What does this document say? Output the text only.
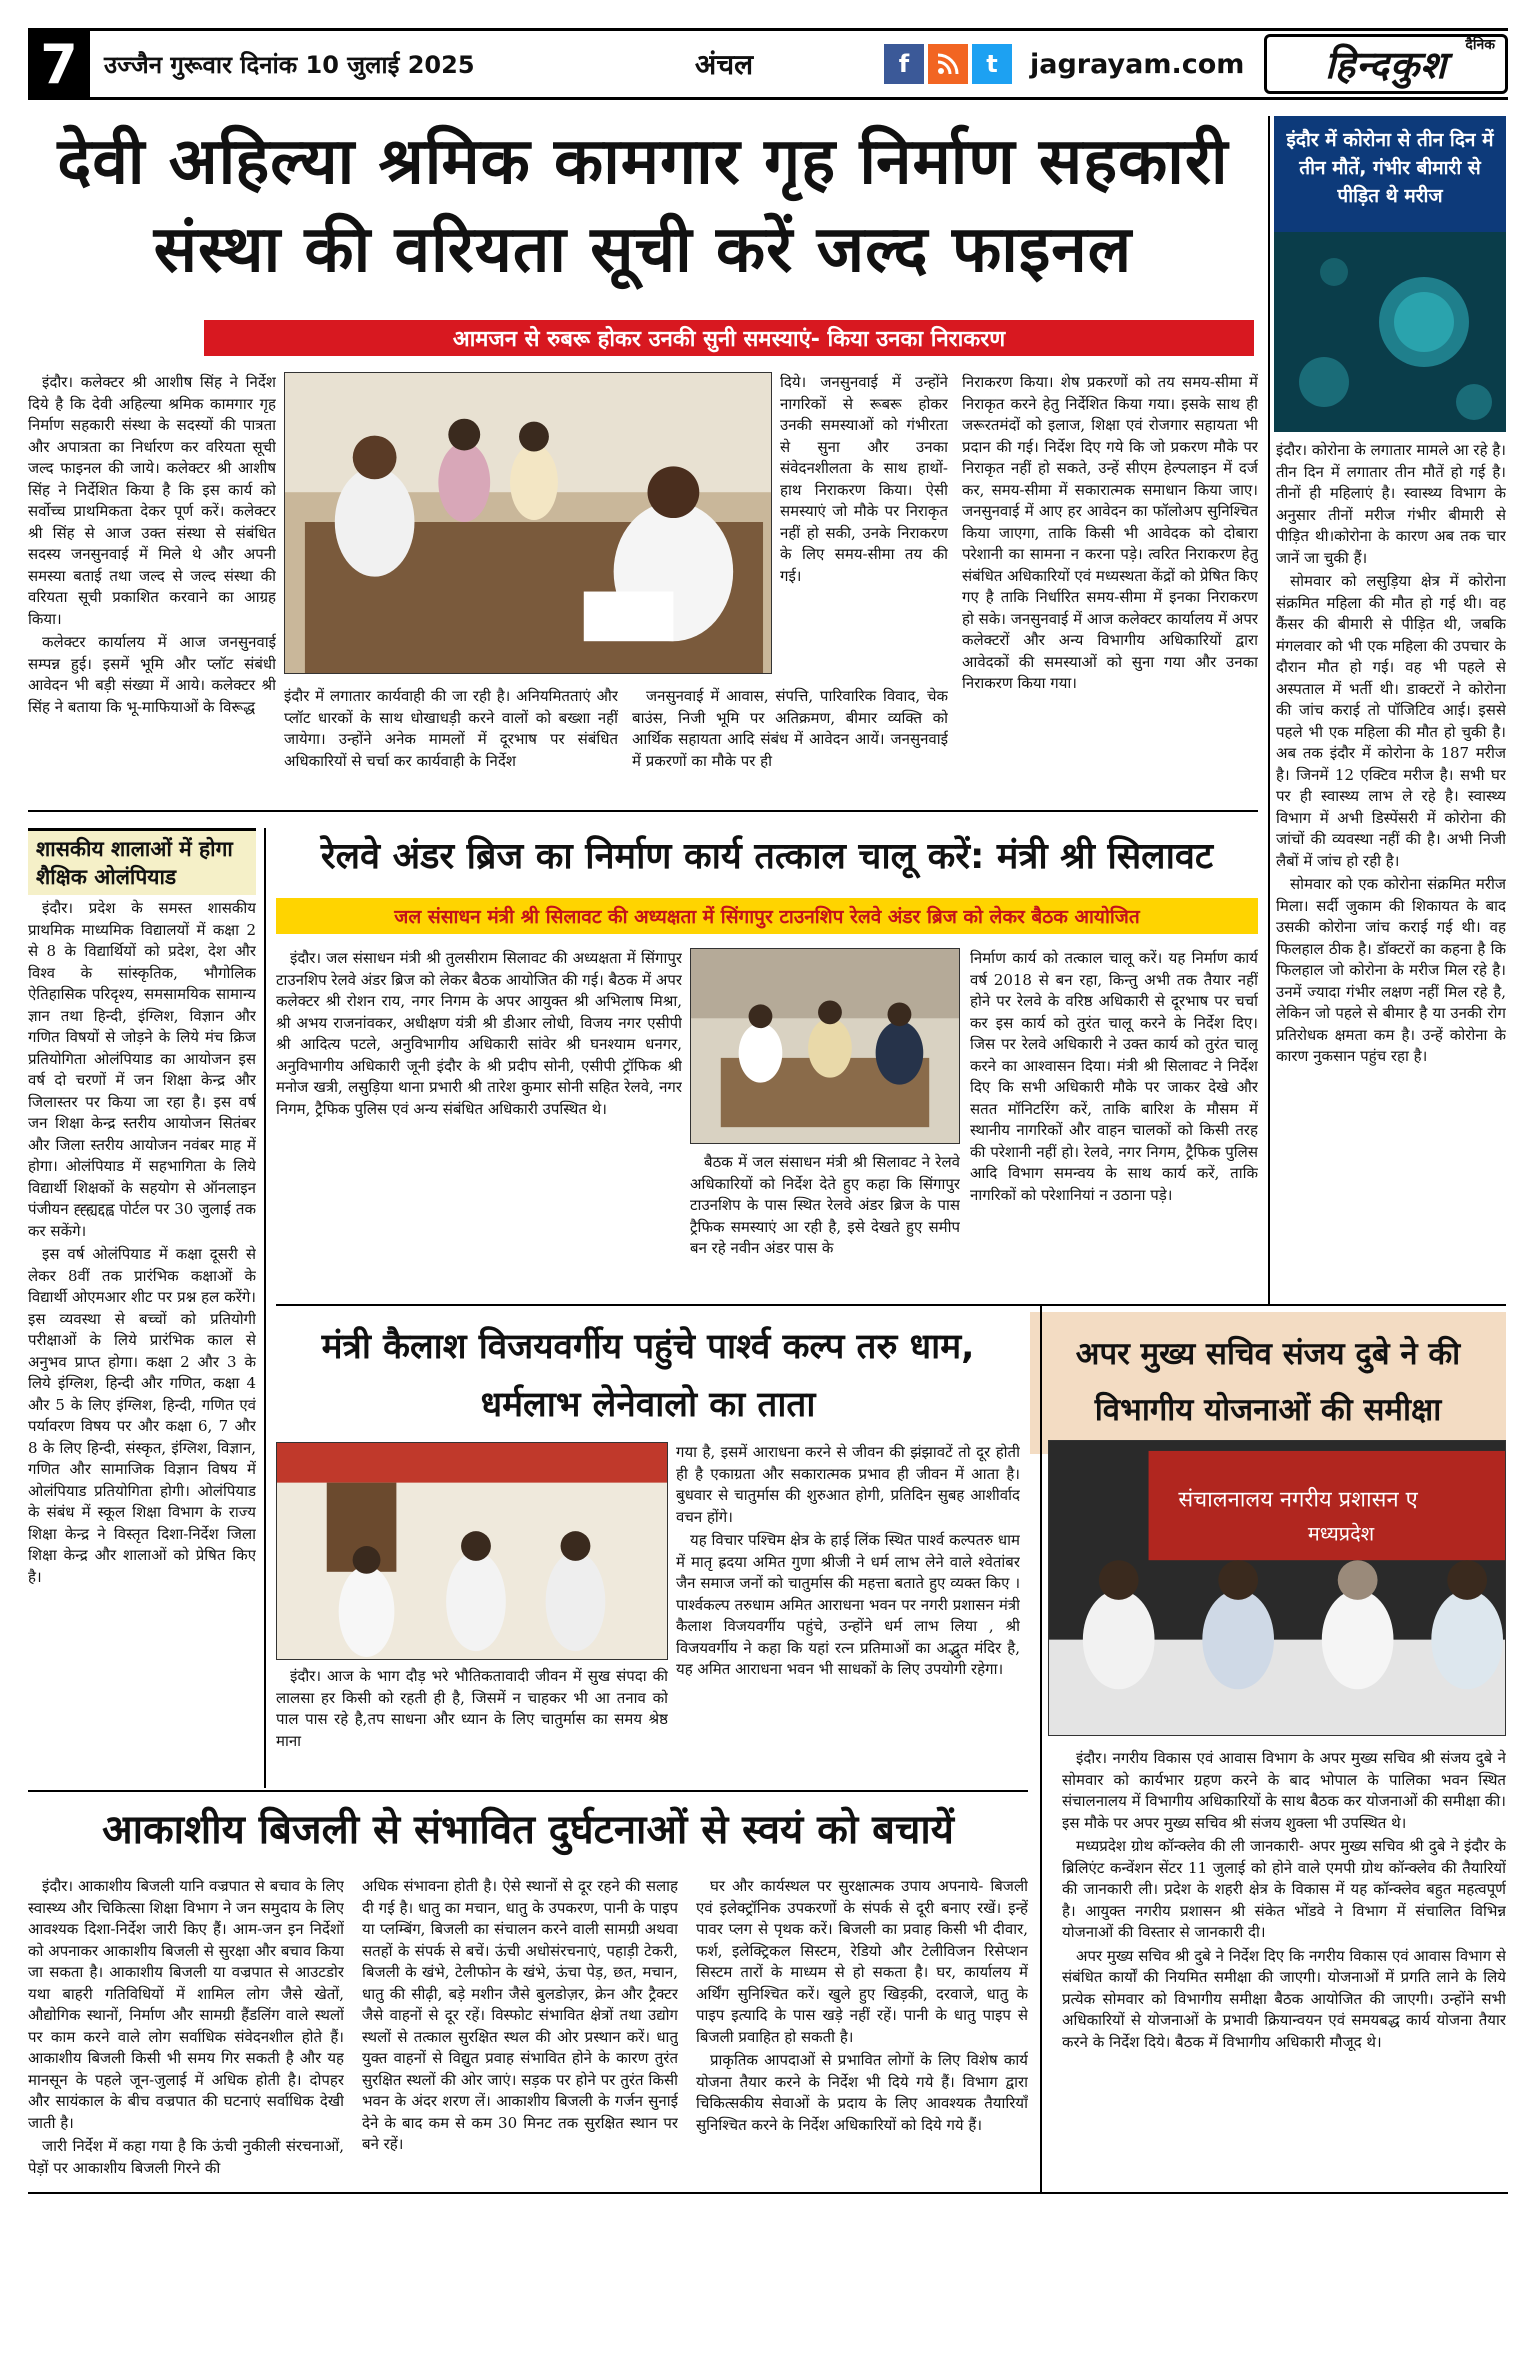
7	उज्जैन गुरूवार दिनांक 10 जुलाई 2025	अंचल	f	t	jagrayam.com
दैनिक
हिन्दकुश
देवी अहिल्या श्रमिक कामगार गृह निर्माण सहकारी संस्था की वरियता सूची करें जल्द फाइनल
आमजन से रुबरू होकर उनकी सुनी समस्याएं- किया उनका निराकरण

इंदौर। कलेक्टर श्री आशीष सिंह ने निर्देश दिये है कि देवी अहिल्या श्रमिक कामगार गृह निर्माण सहकारी संस्था के सदस्यों की पात्रता और अपात्रता का निर्धारण कर वरियता सूची जल्द फाइनल की जाये। कलेक्टर श्री आशीष सिंह ने निर्देशित किया है कि इस कार्य को सर्वोच्च प्राथमिकता देकर पूर्ण करें। कलेक्टर श्री सिंह से आज उक्त संस्था से संबंधित सदस्य जनसुनवाई में मिले थे और अपनी समस्या बताई तथा जल्द से जल्द संस्था की वरियता सूची प्रकाशित करवाने का आग्रह किया।

कलेक्टर कार्यालय में आज जनसुनवाई सम्पन्न हुई। इसमें भूमि और प्लॉट संबंधी आवेदन भी बड़ी संख्या में आये। कलेक्टर श्री सिंह ने बताया कि भू-माफियाओं के विरूद्ध

इंदौर में लगातार कार्यवाही की जा रही है। अनियमितताएं और प्लॉट धारकों के साथ धोखाधड़ी करने वालों को बख्शा नहीं जायेगा। उन्होंने अनेक मामलों में दूरभाष पर संबंधित अधिकारियों से चर्चा कर कार्यवाही के निर्देश

दिये। जनसुनवाई में उन्होंने नागरिकों से रूबरू होकर उनकी समस्याओं को गंभीरता से सुना और उनका संवेदनशीलता के साथ हाथों-हाथ निराकरण किया। ऐसी समस्याएं जो मौके पर निराकृत नहीं हो सकी, उनके निराकरण के लिए समय-सीमा तय की गई।

जनसुनवाई में आवास, संपत्ति, पारिवारिक विवाद, चेक बाउंस, निजी भूमि पर अतिक्रमण, बीमार व्यक्ति को आर्थिक सहायता आदि संबंध में आवेदन आयें। जनसुनवाई में प्रकरणों का मौके पर ही

निराकरण किया। शेष प्रकरणों को तय समय-सीमा में निराकृत करने हेतु निर्देशित किया गया। इसके साथ ही जरूरतमंदों को इलाज, शिक्षा एवं रोजगार सहायता भी प्रदान की गई। निर्देश दिए गये कि जो प्रकरण मौके पर निराकृत नहीं हो सकते, उन्हें सीएम हेल्पलाइन में दर्ज कर, समय-सीमा में सकारात्मक समाधान किया जाए। जनसुनवाई में आए हर आवेदन का फॉलोअप सुनिश्चित किया जाएगा, ताकि किसी भी आवेदक को दोबारा परेशानी का सामना न करना पड़े। त्वरित निराकरण हेतु संबंधित अधिकारियों एवं मध्यस्थता केंद्रों को प्रेषित किए गए है ताकि निर्धारित समय-सीमा में इनका निराकरण हो सके। जनसुनवाई में आज कलेक्टर कार्यालय में अपर कलेक्टरों और अन्य विभागीय अधिकारियों द्वारा आवेदकों की समस्याओं को सुना गया और उनका निराकरण किया गया।

इंदौर में कोरोना से तीन दिन में तीन मौतें, गंभीर बीमारी से पीड़ित थे मरीज

इंदौर। कोरोना के लगातार मामले आ रहे है। तीन दिन में लगातार तीन मौतें हो गई है। तीनों ही महिलाएं है। स्वास्थ्य विभाग के अनुसार तीनों मरीज गंभीर बीमारी से पीड़ित थी।कोरोना के कारण अब तक चार जानें जा चुकी हैं।

सोमवार को लसुड़िया क्षेत्र में कोरोना संक्रमित महिला की मौत हो गई थी। वह कैंसर की बीमारी से पीड़ित थी, जबकि मंगलवार को भी एक महिला की उपचार के दौरान मौत हो गई। वह भी पहले से अस्पताल में भर्ती थी। डाक्टरों ने कोरोना की जांच कराई तो पॉजिटिव आई। इससे पहले भी एक महिला की मौत हो चुकी है। अब तक इंदौर में कोरोना के 187 मरीज है। जिनमें 12 एक्टिव मरीज है। सभी घर पर ही स्वास्थ्य लाभ ले रहे है। स्वास्थ्य विभाग में अभी डिस्पेंसरी में कोरोना की जांचों की व्यवस्था नहीं की है। अभी निजी लैबों में जांच हो रही है।

सोमवार को एक कोरोना संक्रमित मरीज मिला। सर्दी जुकाम की शिकायत के बाद उसकी कोरोना जांच कराई गई थी। वह फिलहाल ठीक है। डॉक्टरों का कहना है कि फिलहाल जो कोरोना के मरीज मिल रहे है। उनमें ज्यादा गंभीर लक्षण नहीं मिल रहे है, लेकिन जो पहले से बीमार है या उनकी रोग प्रतिरोधक क्षमता कम है। उन्हें कोरोना के कारण नुकसान पहुंच रहा है।

शासकीय शालाओं में होगा शैक्षिक ओलंपियाड

इंदौर। प्रदेश के समस्त शासकीय प्राथमिक माध्यमिक विद्यालयों में कक्षा 2 से 8 के विद्यार्थियों को प्रदेश, देश और विश्व के सांस्कृतिक, भौगोलिक ऐतिहासिक परिदृश्य, समसामयिक सामान्य ज्ञान तथा हिन्दी, इंग्लिश, विज्ञान और गणित विषयों से जोड़ने के लिये मंच क्रिज प्रतियोगिता ओलंपियाड का आयोजन इस वर्ष दो चरणों में जन शिक्षा केन्द्र और जिलास्तर पर किया जा रहा है। इस वर्ष जन शिक्षा केन्द्र स्तरीय आयोजन सितंबर और जिला स्तरीय आयोजन नवंबर माह में होगा। ओलंपियाड में सहभागिता के लिये विद्यार्थी शिक्षकों के सहयोग से ऑनलाइन पंजीयन ह्ह्ह्यद्दह्व पोर्टल पर 30 जुलाई तक कर सकेंगे।

इस वर्ष ओलंपियाड में कक्षा दूसरी से लेकर 8वीं तक प्रारंभिक कक्षाओं के विद्यार्थी ओएमआर शीट पर प्रश्न हल करेंगे। इस व्यवस्था से बच्चों को प्रतियोगी परीक्षाओं के लिये प्रारंभिक काल से अनुभव प्राप्त होगा। कक्षा 2 और 3 के लिये इंग्लिश, हिन्दी और गणित, कक्षा 4 और 5 के लिए इंग्लिश, हिन्दी, गणित एवं पर्यावरण विषय पर और कक्षा 6, 7 और 8 के लिए हिन्दी, संस्कृत, इंग्लिश, विज्ञान, गणित और सामाजिक विज्ञान विषय में ओलंपियाड प्रतियोगिता होगी। ओलंपियाड के संबंध में स्कूल शिक्षा विभाग के राज्य शिक्षा केन्द्र ने विस्तृत दिशा-निर्देश जिला शिक्षा केन्द्र और शालाओं को प्रेषित किए है।

रेलवे अंडर ब्रिज का निर्माण कार्य तत्काल चालू करें: मंत्री श्री सिलावट
जल संसाधन मंत्री श्री सिलावट की अध्यक्षता में सिंगापुर टाउनशिप रेलवे अंडर ब्रिज को लेकर बैठक आयोजित

इंदौर। जल संसाधन मंत्री श्री तुलसीराम सिलावट की अध्यक्षता में सिंगापुर टाउनशिप रेलवे अंडर ब्रिज को लेकर बैठक आयोजित की गई। बैठक में अपर कलेक्टर श्री रोशन राय, नगर निगम के अपर आयुक्त श्री अभिलाष मिश्रा, श्री अभय राजनांवकर, अधीक्षण यंत्री श्री डीआर लोधी, विजय नगर एसीपी श्री आदित्य पटले, अनुविभागीय अधिकारी सांवेर श्री घनश्याम धनगर, अनुविभागीय अधिकारी जूनी इंदौर के श्री प्रदीप सोनी, एसीपी ट्रॉफिक श्री मनोज खत्री, लसुड़िया थाना प्रभारी श्री तारेश कुमार सोनी सहित रेलवे, नगर निगम, ट्रैफिक पुलिस एवं अन्य संबंधित अधिकारी उपस्थित थे।

बैठक में जल संसाधन मंत्री श्री सिलावट ने रेलवे अधिकारियों को निर्देश देते हुए कहा कि सिंगापुर टाउनशिप के पास स्थित रेलवे अंडर ब्रिज के पास ट्रैफिक समस्याएं आ रही है, इसे देखते हुए समीप बन रहे नवीन अंडर पास के

निर्माण कार्य को तत्काल चालू करें। यह निर्माण कार्य वर्ष 2018 से बन रहा, किन्तु अभी तक तैयार नहीं होने पर रेलवे के वरिष्ठ अधिकारी से दूरभाष पर चर्चा कर इस कार्य को तुरंत चालू करने के निर्देश दिए। जिस पर रेलवे अधिकारी ने उक्त कार्य को तुरंत चालू करने का आश्वासन दिया। मंत्री श्री सिलावट ने निर्देश दिए कि सभी अधिकारी मौके पर जाकर देखे और सतत मॉनिटरिंग करें, ताकि बारिश के मौसम में स्थानीय नागरिकों और वाहन चालकों को किसी तरह की परेशानी नहीं हो। रेलवे, नगर निगम, ट्रैफिक पुलिस आदि विभाग समन्वय के साथ कार्य करें, ताकि नागरिकों को परेशानियां न उठाना पड़े।

मंत्री कैलाश विजयवर्गीय पहुंचे पार्श्व कल्प तरु धाम, धर्मलाभ लेनेवालो का ताता

इंदौर। आज के भाग दौड़ भरे भौतिकतावादी जीवन में सुख संपदा की लालसा हर किसी को रहती ही है, जिसमें न चाहकर भी आ तनाव को पाल पास रहे है,तप साधना और ध्यान के लिए चातुर्मास का समय श्रेष्ठ माना

गया है, इसमें आराधना करने से जीवन की झंझावटें तो दूर होती ही है एकाग्रता और सकारात्मक प्रभाव ही जीवन में आता है। बुधवार से चातुर्मास की शुरुआत होगी, प्रतिदिन सुबह आशीर्वाद वचन होंगे।

यह विचार पश्चिम क्षेत्र के हाई लिंक स्थित पार्श्व कल्पतरु धाम में मातृ ह्रदया अमित गुणा श्रीजी ने धर्म लाभ लेने वाले श्वेतांबर जैन समाज जनों को चातुर्मास की महत्ता बताते हुए व्यक्त किए । पार्श्वकल्प तरुधाम अमित आराधना भवन पर नगरी प्रशासन मंत्री कैलाश विजयवर्गीय पहुंचे, उन्होंने धर्म लाभ लिया , श्री विजयवर्गीय ने कहा कि यहां रत्न प्रतिमाओं का अद्भुत मंदिर है, यह अमित आराधना भवन भी साधकों के लिए उपयोगी रहेगा।

अपर मुख्य सचिव संजय दुबे ने की विभागीय योजनाओं की समीक्षा
संचालनालय नगरीय प्रशासन ए
मध्यप्रदेश

इंदौर। नगरीय विकास एवं आवास विभाग के अपर मुख्य सचिव श्री संजय दुबे ने सोमवार को कार्यभार ग्रहण करने के बाद भोपाल के पालिका भवन स्थित संचालनालय में विभागीय अधिकारियों के साथ बैठक कर योजनाओं की समीक्षा की। इस मौके पर अपर मुख्य सचिव श्री संजय शुक्ला भी उपस्थित थे।

मध्यप्रदेश ग्रोथ कॉन्क्लेव की ली जानकारी- अपर मुख्य सचिव श्री दुबे ने इंदौर के ब्रिलिएंट कन्वेंशन सेंटर 11 जुलाई को होने वाले एमपी ग्रोथ कॉन्क्लेव की तैयारियों की जानकारी ली। प्रदेश के शहरी क्षेत्र के विकास में यह कॉन्क्लेव बहुत महत्वपूर्ण है। आयुक्त नगरीय प्रशासन श्री संकेत भोंडवे ने विभाग में संचालित विभिन्न योजनाओं की विस्तार से जानकारी दी।

अपर मुख्य सचिव श्री दुबे ने निर्देश दिए कि नगरीय विकास एवं आवास विभाग से संबंधित कार्यों की नियमित समीक्षा की जाएगी। योजनाओं में प्रगति लाने के लिये प्रत्येक सोमवार को विभागीय समीक्षा बैठक आयोजित की जाएगी। उन्होंने सभी अधिकारियों से योजनाओं के प्रभावी क्रियान्वयन एवं समयबद्ध कार्य योजना तैयार करने के निर्देश दिये। बैठक में विभागीय अधिकारी मौजूद थे।

आकाशीय बिजली से संभावित दुर्घटनाओं से स्वयं को बचायें

इंदौर। आकाशीय बिजली यानि वज्रपात से बचाव के लिए स्वास्थ्य और चिकित्सा शिक्षा विभाग ने जन समुदाय के लिए आवश्यक दिशा-निर्देश जारी किए हैं। आम-जन इन निर्देशों को अपनाकर आकाशीय बिजली से सुरक्षा और बचाव किया जा सकता है। आकाशीय बिजली या वज्रपात से आउटडोर यथा बाहरी गतिविधियों में शामिल लोग जैसे खेतों, औद्योगिक स्थानों, निर्माण और सामग्री हैंडलिंग वाले स्थलों पर काम करने वाले लोग सर्वाधिक संवेदनशील होते हैं। आकाशीय बिजली किसी भी समय गिर सकती है और यह मानसून के पहले जून-जुलाई में अधिक होती है। दोपहर और सायंकाल के बीच वज्रपात की घटनाएं सर्वाधिक देखी जाती है।

जारी निर्देश में कहा गया है कि ऊंची नुकीली संरचनाओं, पेड़ों पर आकाशीय बिजली गिरने की

अधिक संभावना होती है। ऐसे स्थानों से दूर रहने की सलाह दी गई है। धातु का मचान, धातु के उपकरण, पानी के पाइप या प्लम्बिंग, बिजली का संचालन करने वाली सामग्री अथवा सतहों के संपर्क से बचें। ऊंची अधोसंरचनाएं, पहाड़ी टेकरी, बिजली के खंभे, टेलीफोन के खंभे, ऊंचा पेड़, छत, मचान, धातु की सीढ़ी, बड़े मशीन जैसे बुलडोज़र, क्रेन और ट्रैक्टर जैसे वाहनों से दूर रहें। विस्फोट संभावित क्षेत्रों तथा उद्योग स्थलों से तत्काल सुरक्षित स्थल की ओर प्रस्थान करें। धातु युक्त वाहनों से विद्युत प्रवाह संभावित होने के कारण तुरंत सुरक्षित स्थलों की ओर जाएं। सड़क पर होने पर तुरंत किसी भवन के अंदर शरण लें। आकाशीय बिजली के गर्जन सुनाई देने के बाद कम से कम 30 मिनट तक सुरक्षित स्थान पर बने रहें।

घर और कार्यस्थल पर सुरक्षात्मक उपाय अपनाये- बिजली एवं इलेक्ट्रॉनिक उपकरणों के संपर्क से दूरी बनाए रखें। इन्हें पावर प्लग से पृथक करें। बिजली का प्रवाह किसी भी दीवार, फर्श, इलेक्ट्रिकल सिस्टम, रेडियो और टेलीविजन रिसेप्शन सिस्टम तारों के माध्यम से हो सकता है। घर, कार्यालय में अर्थिंग सुनिश्चित करें। खुले हुए खिड़की, दरवाजे, धातु के पाइप इत्यादि के पास खड़े नहीं रहें। पानी के धातु पाइप से बिजली प्रवाहित हो सकती है।

प्राकृतिक आपदाओं से प्रभावित लोगों के लिए विशेष कार्य योजना तैयार करने के निर्देश भी दिये गये हैं। विभाग द्वारा चिकित्सकीय सेवाओं के प्रदाय के लिए आवश्यक तैयारियाँ सुनिश्चित करने के निर्देश अधिकारियों को दिये गये हैं।
